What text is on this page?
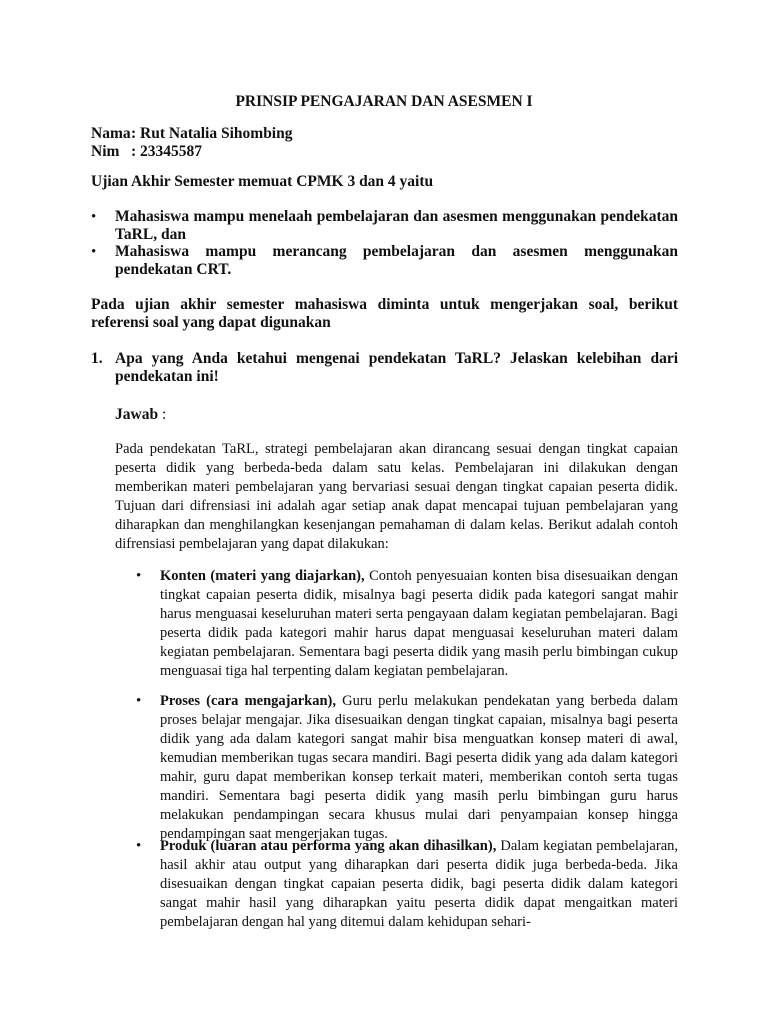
PRINSIP PENGAJARAN DAN ASESMEN I
Nama : Rut Natalia Sihombing
Nim : 23345587
Ujian Akhir Semester memuat CPMK 3 dan 4 yaitu
• Mahasiswa mampu menelaah pembelajaran dan asesmen menggunakan pendekatan TaRL, dan
• Mahasiswa mampu merancang pembelajaran dan asesmen menggunakan pendekatan CRT.
Pada ujian akhir semester mahasiswa diminta untuk mengerjakan soal, berikut referensi soal yang dapat digunakan
1. Apa yang Anda ketahui mengenai pendekatan TaRL? Jelaskan kelebihan dari pendekatan ini!
Jawab :
Pada pendekatan TaRL, strategi pembelajaran akan dirancang sesuai dengan tingkat capaian peserta didik yang berbeda-beda dalam satu kelas. Pembelajaran ini dilakukan dengan memberikan materi pembelajaran yang bervariasi sesuai dengan tingkat capaian peserta didik. Tujuan dari difrensiasi ini adalah agar setiap anak dapat mencapai tujuan pembelajaran yang diharapkan dan menghilangkan kesenjangan pemahaman di dalam kelas. Berikut adalah contoh difrensiasi pembelajaran yang dapat dilakukan:
• Konten (materi yang diajarkan), Contoh penyesuaian konten bisa disesuaikan dengan tingkat capaian peserta didik, misalnya bagi peserta didik pada kategori sangat mahir harus menguasai keseluruhan materi serta pengayaan dalam kegiatan pembelajaran. Bagi peserta didik pada kategori mahir harus dapat menguasai keseluruhan materi dalam kegiatan pembelajaran. Sementara bagi peserta didik yang masih perlu bimbingan cukup menguasai tiga hal terpenting dalam kegiatan pembelajaran.
• Proses (cara mengajarkan), Guru perlu melakukan pendekatan yang berbeda dalam proses belajar mengajar. Jika disesuaikan dengan tingkat capaian, misalnya bagi peserta didik yang ada dalam kategori sangat mahir bisa menguatkan konsep materi di awal, kemudian memberikan tugas secara mandiri. Bagi peserta didik yang ada dalam kategori mahir, guru dapat memberikan konsep terkait materi, memberikan contoh serta tugas mandiri. Sementara bagi peserta didik yang masih perlu bimbingan guru harus melakukan pendampingan secara khusus mulai dari penyampaian konsep hingga pendampingan saat mengerjakan tugas.
• Produk (luaran atau performa yang akan dihasilkan), Dalam kegiatan pembelajaran, hasil akhir atau output yang diharapkan dari peserta didik juga berbeda-beda. Jika disesuaikan dengan tingkat capaian peserta didik, bagi peserta didik dalam kategori sangat mahir hasil yang diharapkan yaitu peserta didik dapat mengaitkan materi pembelajaran dengan hal yang ditemui dalam kehidupan sehari-
